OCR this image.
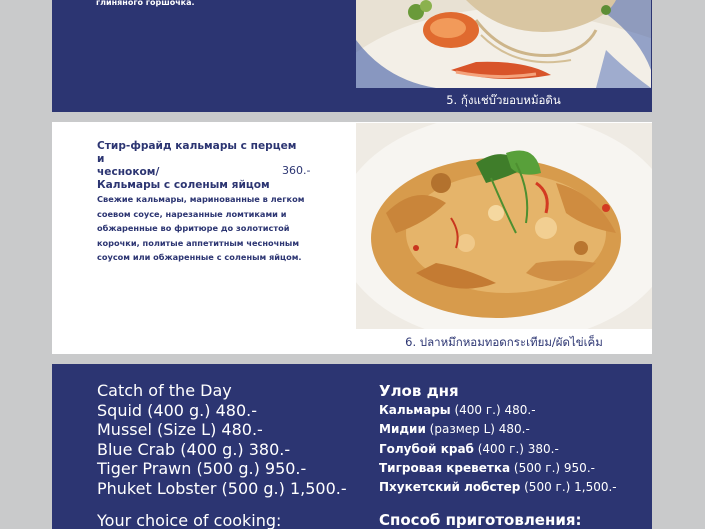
глиняного горшочка.
5. กุ้งแช่บ๊วยอบหม้อดิน
Стир-фрайд кальмары с перцем и
чесноком/
Кальмары с соленым яйцом
360.-
Свежие кальмары, маринованные в легком соевом соусе, нарезанные ломтиками и обжаренные во фритюре до золотистой корочки, политые аппетитным чесночным соусом или обжаренные с соленым яйцом.
6. ปลาหมึกหอมทอดกระเทียม/ผัดไข่เค็ม
Catch of the Day
Squid (400 g.) 480.-
Mussel (Size L) 480.-
Blue Crab (400 g.) 380.-
Tiger Prawn (500 g.) 950.-
Phuket Lobster (500 g.) 1,500.-
Улов дня
Кальмары (400 г.) 480.-
Мидии (размер L) 480.-
Голубой краб (400 г.) 380.-
Тигровая креветка (500 г.) 950.-
Пхукетский лобстер (500 г.) 1,500.-
Your choice of cooking:	Способ приготовления:
